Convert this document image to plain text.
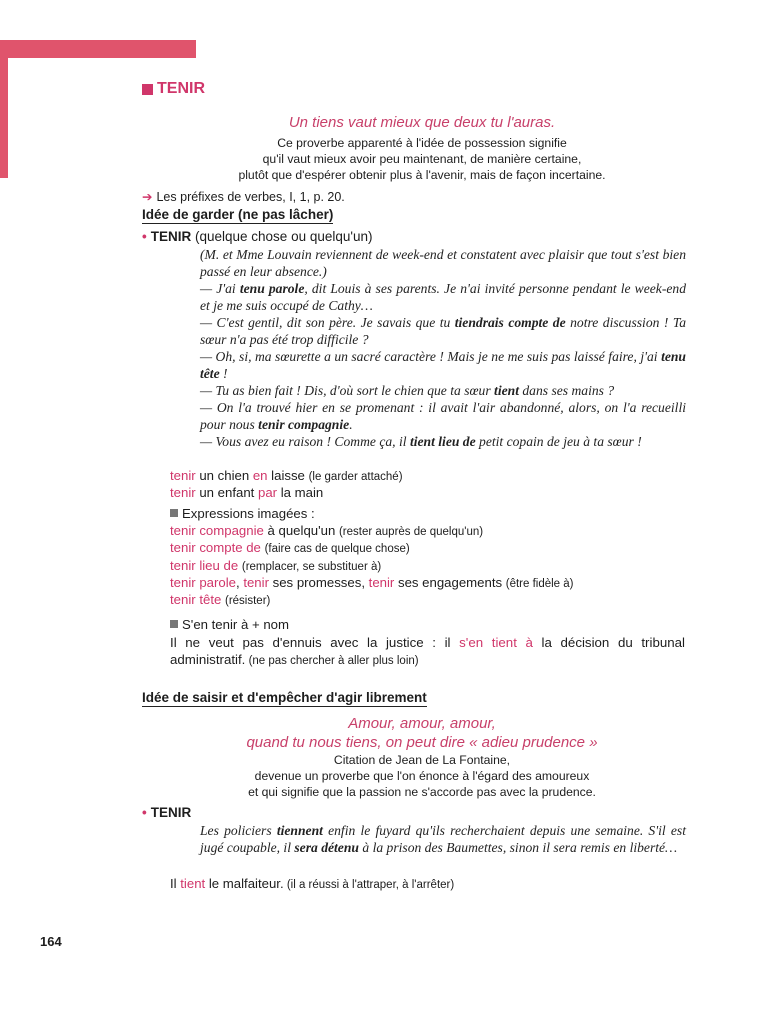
TENIR
Un tiens vaut mieux que deux tu l'auras.
Ce proverbe apparenté à l'idée de possession signifie
qu'il vaut mieux avoir peu maintenant, de manière certaine,
plutôt que d'espérer obtenir plus à l'avenir, mais de façon incertaine.
➔ Les préfixes de verbes, I, 1, p. 20.
Idée de garder (ne pas lâcher)
• TENIR (quelque chose ou quelqu'un)

(M. et Mme Louvain reviennent de week-end et constatent avec plaisir que tout s'est bien passé en leur absence.)

— J'ai tenu parole, dit Louis à ses parents. Je n'ai invité personne pendant le week-end et je me suis occupé de Cathy…

— C'est gentil, dit son père. Je savais que tu tiendrais compte de notre discussion ! Ta sœur n'a pas été trop difficile ?

— Oh, si, ma sœurette a un sacré caractère ! Mais je ne me suis pas laissé faire, j'ai tenu tête !

— Tu as bien fait ! Dis, d'où sort le chien que ta sœur tient dans ses mains ?

— On l'a trouvé hier en se promenant : il avait l'air abandonné, alors, on l'a recueilli pour nous tenir compagnie.

— Vous avez eu raison ! Comme ça, il tient lieu de petit copain de jeu à ta sœur !

tenir un chien en laisse (le garder attaché)
tenir un enfant par la main
Expressions imagées :
tenir compagnie à quelqu'un (rester auprès de quelqu'un)
tenir compte de (faire cas de quelque chose)
tenir lieu de (remplacer, se substituer à)
tenir parole, tenir ses promesses, tenir ses engagements (être fidèle à)
tenir tête (résister)
S'en tenir à + nom
Il ne veut pas d'ennuis avec la justice : il s'en tient à la décision du tribunal administratif. (ne pas chercher à aller plus loin)
Idée de saisir et d'empêcher d'agir librement
Amour, amour, amour,
quand tu nous tiens, on peut dire « adieu prudence »
Citation de Jean de La Fontaine,
devenue un proverbe que l'on énonce à l'égard des amoureux
et qui signifie que la passion ne s'accorde pas avec la prudence.
• TENIR

Les policiers tiennent enfin le fuyard qu'ils recherchaient depuis une semaine. S'il est jugé coupable, il sera détenu à la prison des Baumettes, sinon il sera remis en liberté…

Il tient le malfaiteur. (il a réussi à l'attraper, à l'arrêter)
164
